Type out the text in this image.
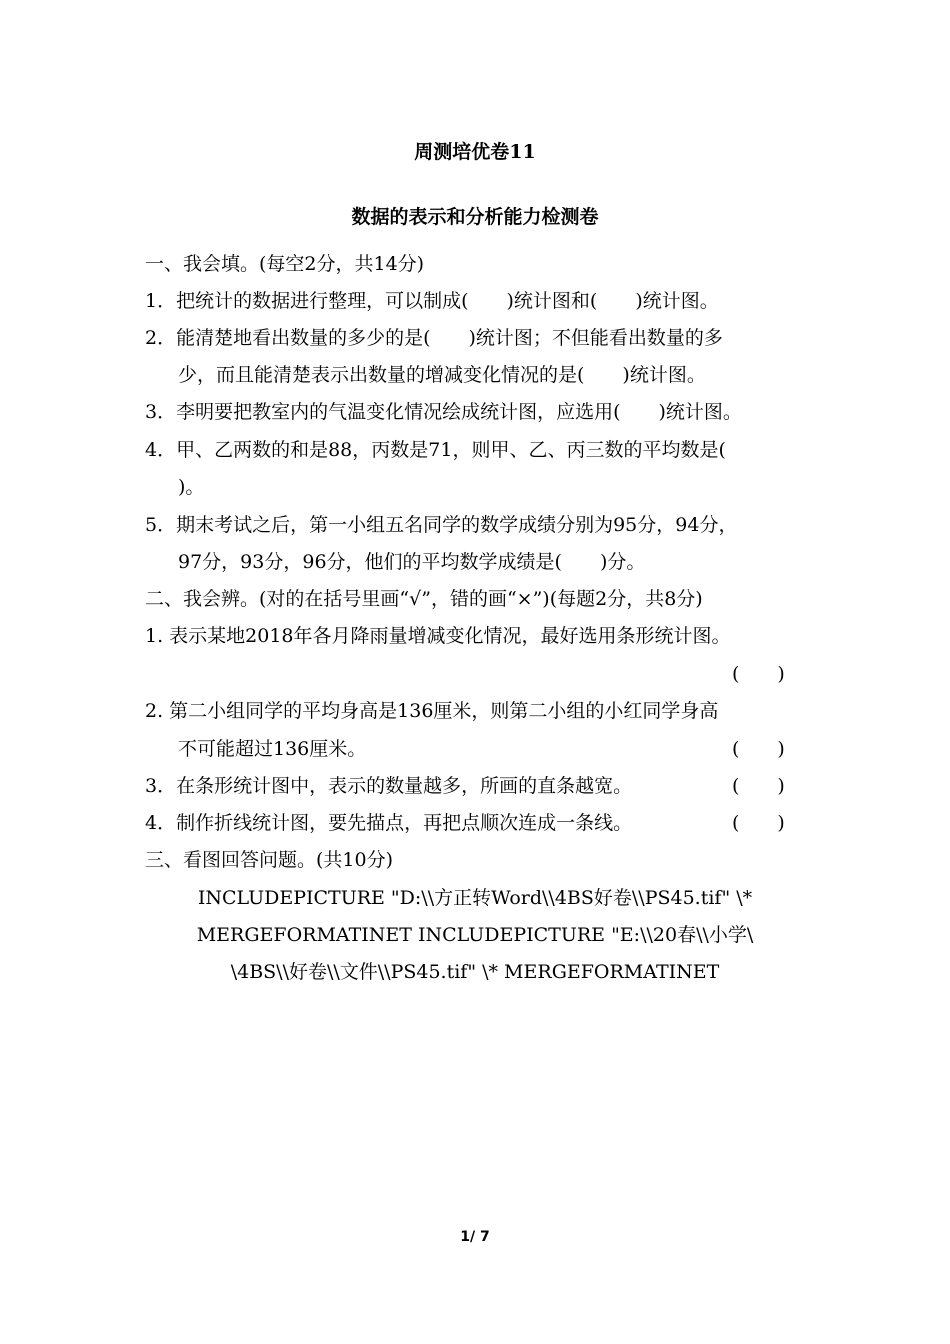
周测培优卷11
数据的表示和分析能力检测卷
一、我会填。(每空2分，共14分)
1．把统计的数据进行整理，可以制成(　　)统计图和(　　)统计图。
2．能清楚地看出数量的多少的是(　　)统计图；不但能看出数量的多
少，而且能清楚表示出数量的增减变化情况的是(　　)统计图。
3．李明要把教室内的气温变化情况绘成统计图，应选用(　　)统计图。
4．甲、乙两数的和是88，丙数是71，则甲、乙、丙三数的平均数是(
)。
5．期末考试之后，第一小组五名同学的数学成绩分别为95分，94分，
97分，93分，96分，他们的平均数学成绩是(　　)分。
二、我会辨。(对的在括号里画“√”，错的画“×”)(每题2分，共8分)
1. 表示某地2018年各月降雨量增减变化情况，最好选用条形统计图。
(　　)
2. 第二小组同学的平均身高是136厘米，则第二小组的小红同学身高
不可能超过136厘米。	(　　)
3．在条形统计图中，表示的数量越多，所画的直条越宽。	(　　)
4．制作折线统计图，要先描点，再把点顺次连成一条线。	(　　)
三、看图回答问题。(共10分)
INCLUDEPICTURE "D:\\方正转Word\\4BS好卷\\PS45.tif" \*
MERGEFORMATINET INCLUDEPICTURE "E:\\20春\\小学\
\4BS\\好卷\\文件\\PS45.tif" \* MERGEFORMATINET
1/ 7
